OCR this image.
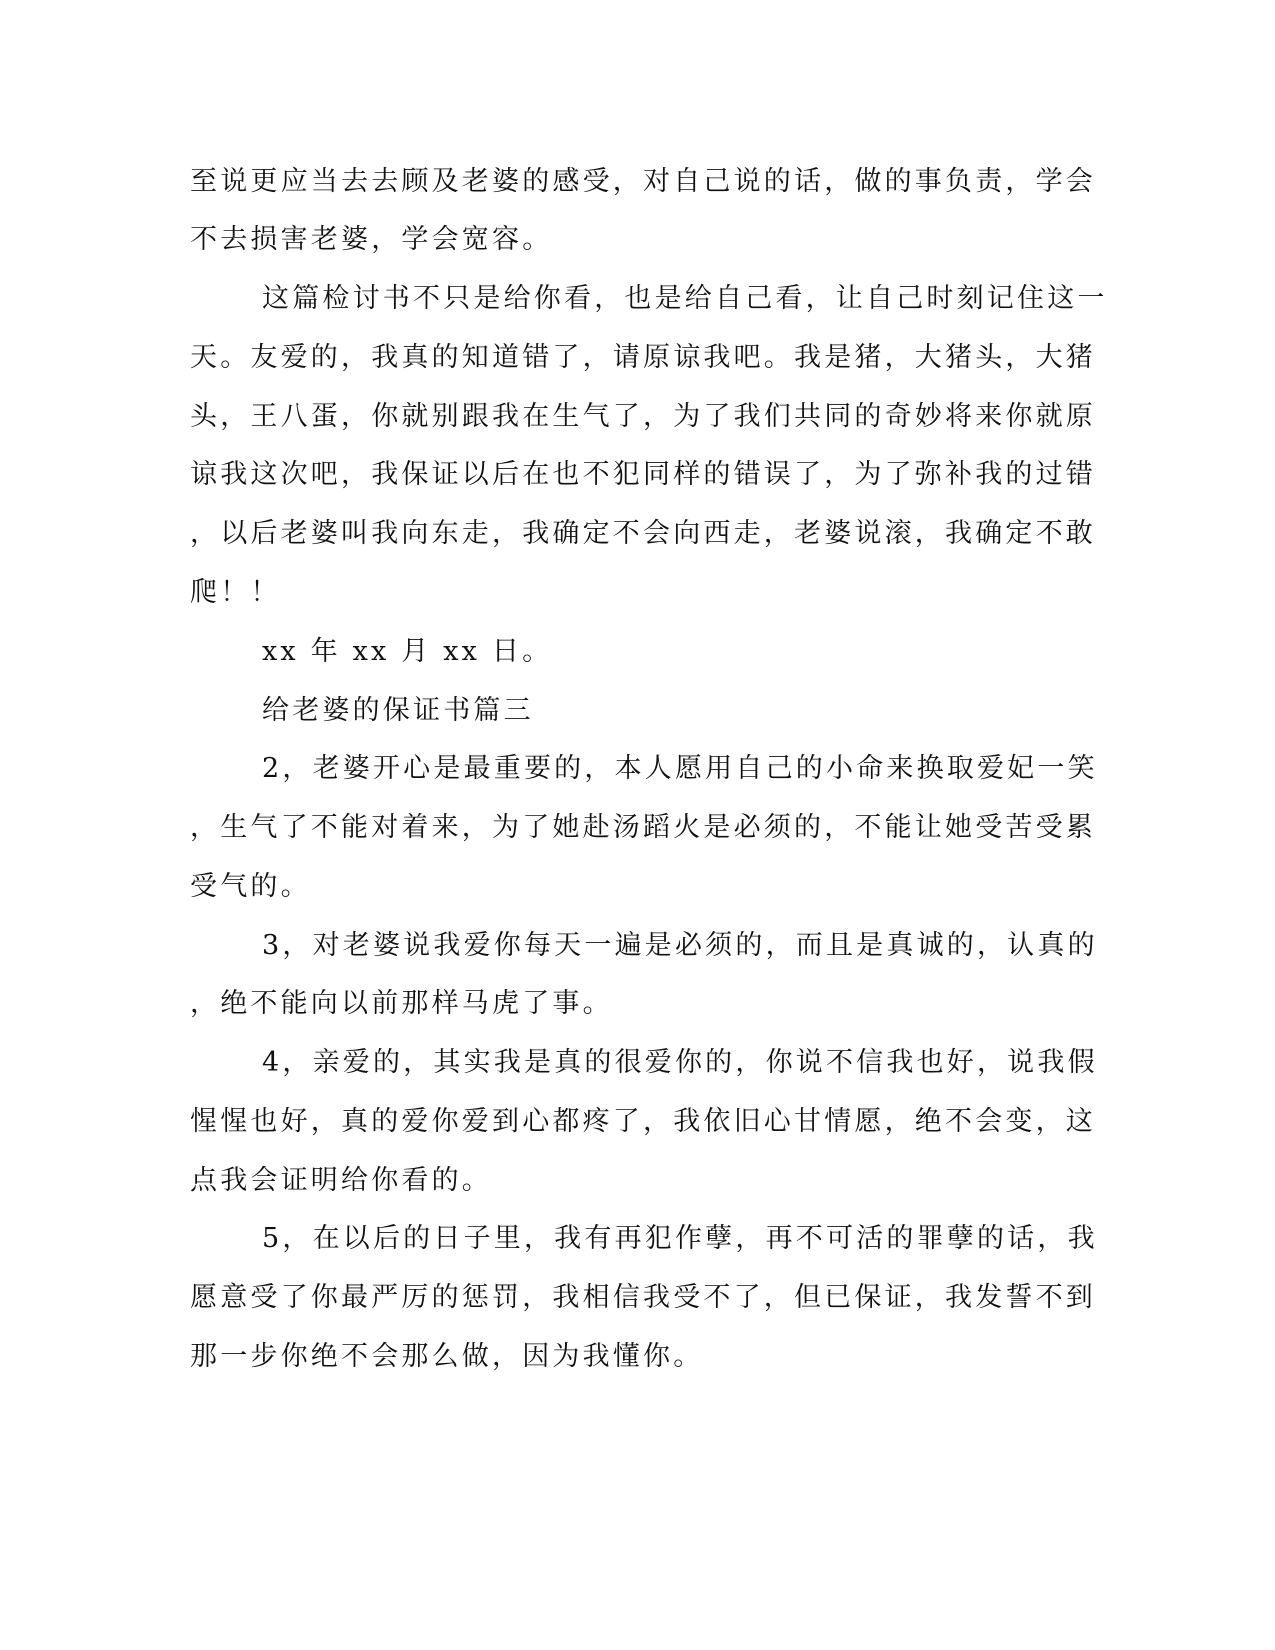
至说更应当去去顾及老婆的感受，对自己说的话，做的事负责，学会
不去损害老婆，学会宽容。
这篇检讨书不只是给你看，也是给自己看，让自己时刻记住这一
天。友爱的，我真的知道错了，请原谅我吧。我是猪，大猪头，大猪
头，王八蛋，你就别跟我在生气了，为了我们共同的奇妙将来你就原
谅我这次吧，我保证以后在也不犯同样的错误了，为了弥补我的过错
，以后老婆叫我向东走，我确定不会向西走，老婆说滚，我确定不敢
爬！！
xx 年 xx 月 xx 日。
给老婆的保证书篇三
2，老婆开心是最重要的，本人愿用自己的小命来换取爱妃一笑
，生气了不能对着来，为了她赴汤蹈火是必须的，不能让她受苦受累
受气的。
3，对老婆说我爱你每天一遍是必须的，而且是真诚的，认真的
，绝不能向以前那样马虎了事。
4，亲爱的，其实我是真的很爱你的，你说不信我也好，说我假
惺惺也好，真的爱你爱到心都疼了，我依旧心甘情愿，绝不会变，这
点我会证明给你看的。
5，在以后的日子里，我有再犯作孽，再不可活的罪孽的话，我
愿意受了你最严厉的惩罚，我相信我受不了，但已保证，我发誓不到
那一步你绝不会那么做，因为我懂你。
